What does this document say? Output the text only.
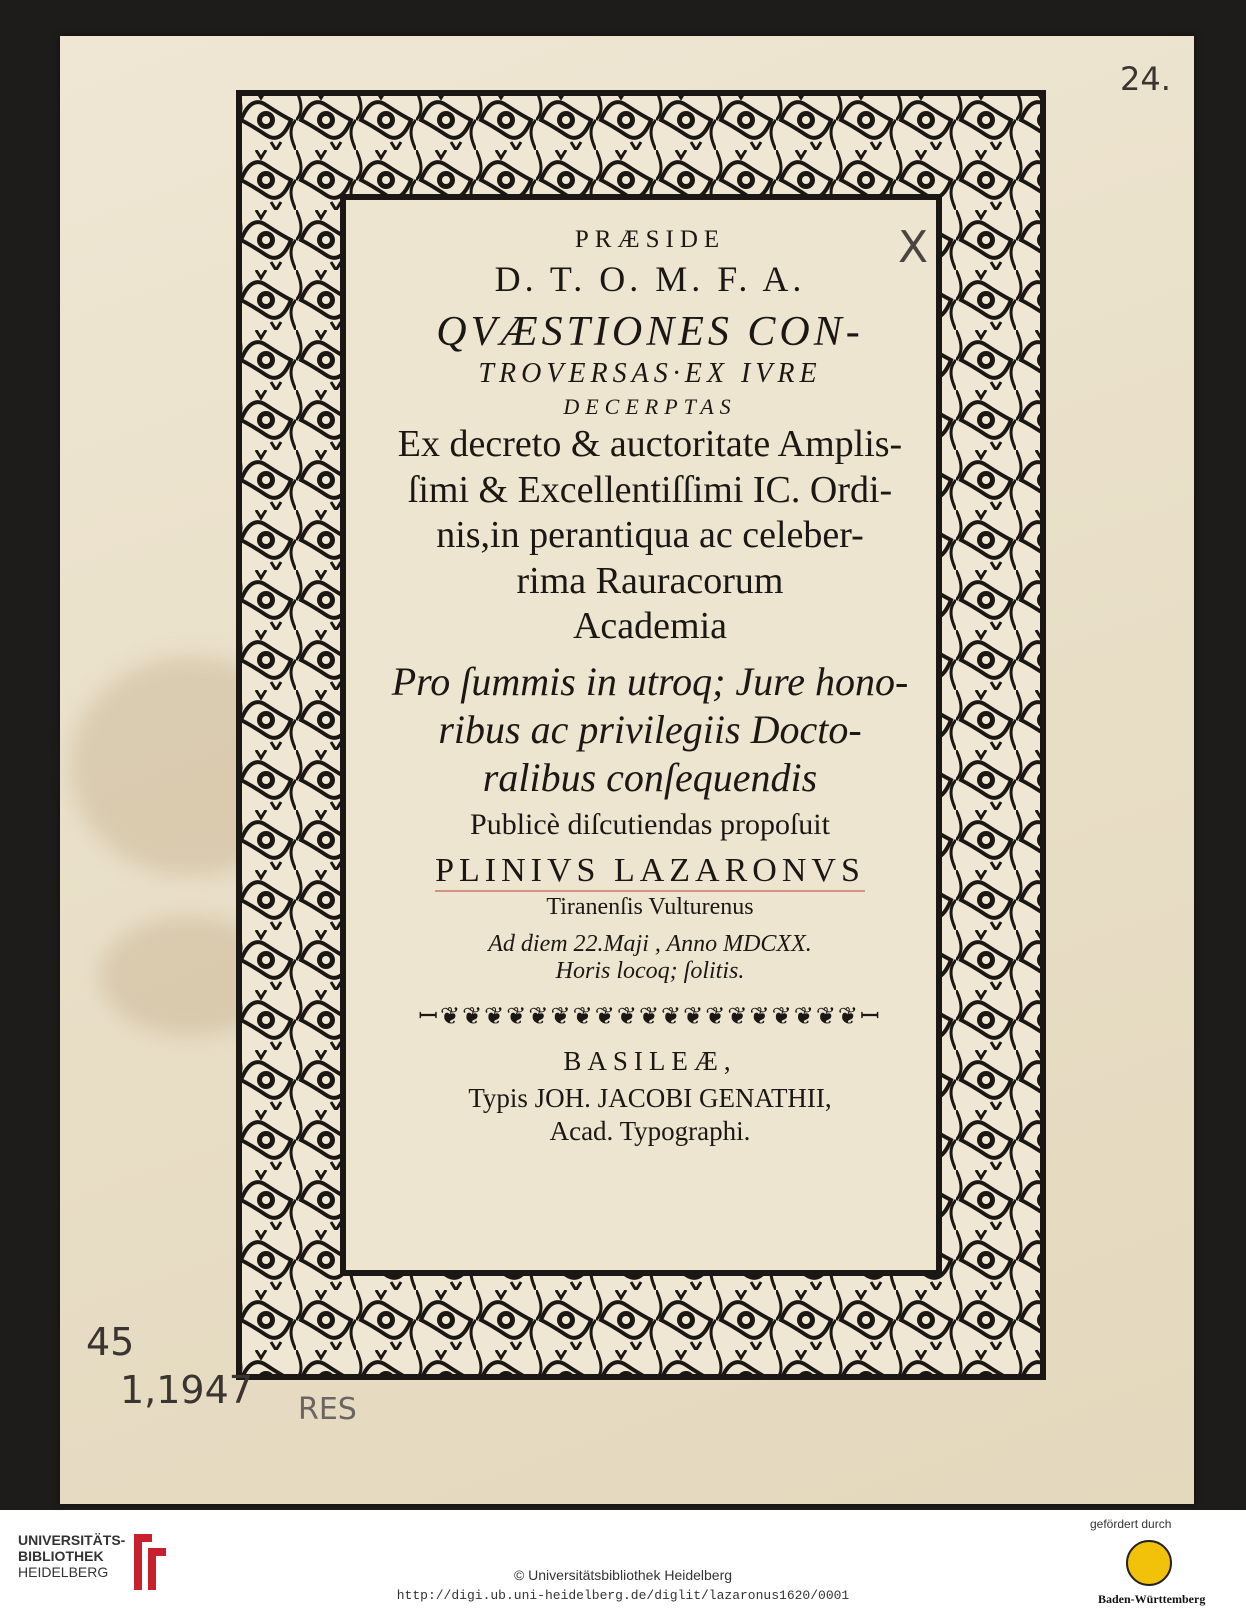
PRÆSIDE
D. T. O. M. F. A.
QVÆSTIONES CON-
TROVERSAS·EX IVRE
DECERPTAS
Ex decreto & auctoritate Amplis-
ſimi & Excellentiſſimi IC. Ordi-
nis,in perantiqua ac celeber-
rima Rauracorum
Academia
Pro ſummis in utroq; Jure hono-
ribus ac privilegiis Docto-
ralibus conſequendis
Publicè diſcutiendas propoſuit
PLINIVS LAZARONVS
Tiranenſis Vulturenus
Ad diem 22.Maji , Anno MDCXX.
Horis locoq; ſolitis.
ꟷ❦❦❦❦❦❦❦❦❦❦❦❦❦❦❦❦❦❦❦ꟷ
BASILEÆ,
Typis JOH. JACOBI GENATHII,
Acad. Typographi.
24.
X
45
1,1947 RES
UNIVERSITÄTS-
BIBLIOTHEK
HEIDELBERG	© Universitätsbibliothek Heidelberg
http://digi.ub.uni-heidelberg.de/diglit/lazaronus1620/0001
gefördert durch
Baden-Württemberg
